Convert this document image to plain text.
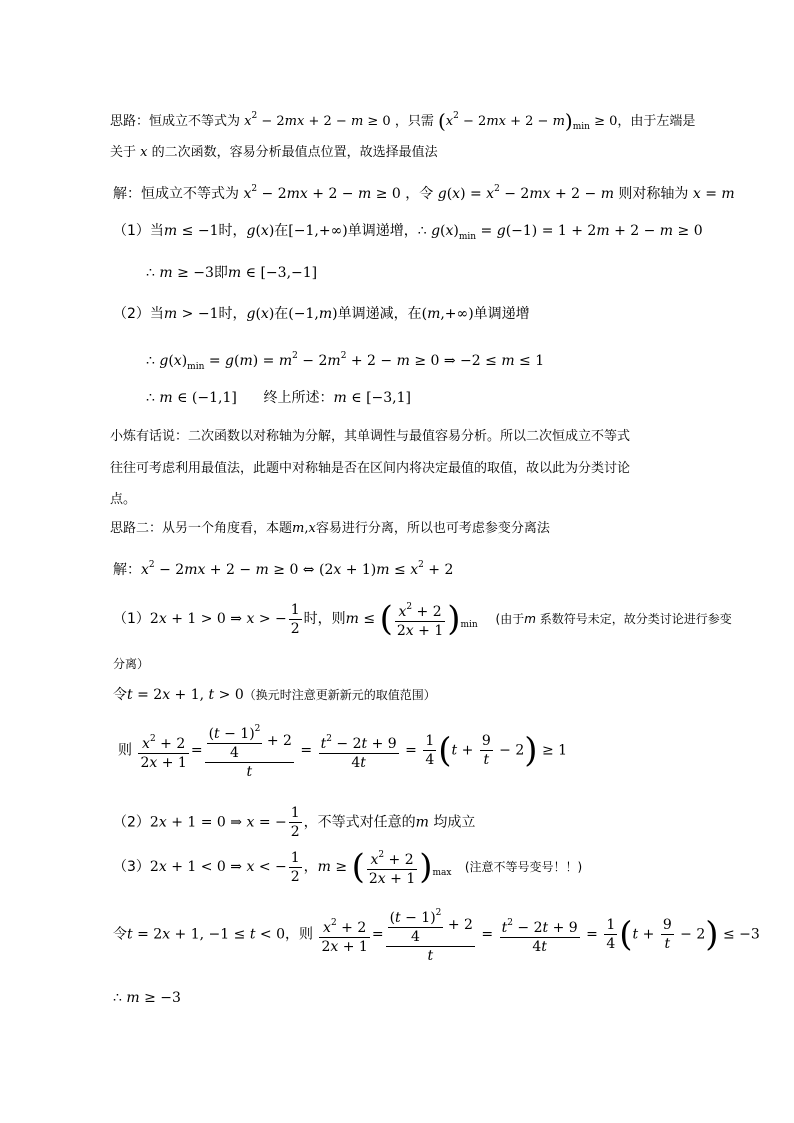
思路：恒成立不等式为 $x^2 - 2mx + 2 - m \ge 0$ ，只需 $(x^2 - 2mx + 2 - m)_{min} \ge 0$，由于左端是
关于 x 的二次函数，容易分析最值点位置，故选择最值法
解：恒成立不等式为 $x^2 - 2mx + 2 - m \ge 0$ ，令 $g(x) = x^2 - 2mx + 2 - m$ 则对称轴为 x = m
（1）当m ≤ −1时，g(x)在[−1,+∞)单调递增，∴ $g(x)_{min} = g(-1) = 1 + 2m + 2 - m \ge 0$
∴ m ≥ −3即m ∈ [−3,−1]
（2）当m > −1时，g(x)在(−1,m)单调递减，在(m,+∞)单调递增
∴ $g(x)_{min} = g(m) = m^2 - 2m^2 + 2 - m \ge 0$ ⇒ −2 ≤ m ≤ 1
∴ m ∈ (−1,1]      终上所述：m ∈ [−3,1]
小炼有话说：二次函数以对称轴为分解，其单调性与最值容易分析。所以二次恒成立不等式
往往可考虑利用最值法，此题中对称轴是否在区间内将决定最值的取值，故以此为分类讨论
点。
思路二：从另一个角度看，本题m,x容易进行分离，所以也可考虑参变分离法
解：$x^2 - 2mx + 2 - m \ge 0$ ⇔ $(2x + 1)m \le x^2 + 2$
（1）2x + 1 > 0 ⇒ x > − $\frac{1}{2}$ 时，则m ≤ ( $\frac{x^2 + 2}{2x + 1} )_{min}$ (由于m 系数符号未定，故分类讨论进行参变
分离）
令t = 2x + 1, t > 0（换元时注意更新新元的取值范围）
则 $\frac{x^2 + 2}{2x + 1} = \frac{\frac{(t - 1)^2}{4} + 2}{t} = \frac{t^2 - 2t + 9}{4t} = \frac{1}{4} (t + \frac{9}{t} - 2) \ge 1$
（2）2x + 1 = 0 ⇒ x = − $\frac{1}{2}$ ，不等式对任意的m 均成立
（3）2x + 1 < 0 ⇒ x < − $\frac{1}{2}$ ，m ≥ ( $\frac{x^2 + 2}{2x + 1} )_{max}$ (注意不等号变号！！)
令t = 2x + 1, −1 ≤ t < 0，则 $\frac{x^2 + 2}{2x + 1} = \frac{\frac{(t - 1)^2}{4} + 2}{t} = \frac{t^2 - 2t + 9}{4t} = \frac{1}{4} (t + \frac{9}{t} - 2) \le -3$
∴ m ≥ −3
